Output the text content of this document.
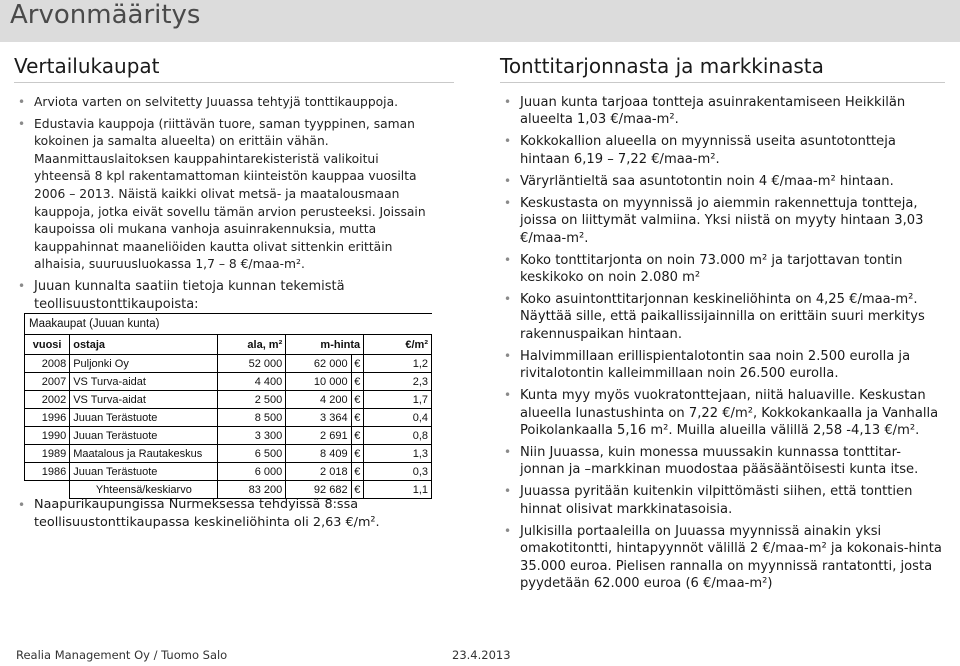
Arvonmääritys
Vertailukaupat	Tonttitarjonnasta ja markkinasta
• Arviota varten on selvitetty Juuassa tehtyjä tonttikauppoja.
• Edustavia kauppoja (riittävän tuore, saman tyyppinen, saman kokoinen ja samalta alueelta) on erittäin vähän. Maanmittauslaitoksen kauppahintarekisteristä valikoitui yhteensä 8 kpl rakentamattoman kiinteistön kauppaa vuosilta 2006 – 2013. Näistä kaikki olivat metsä- ja maatalousmaan kauppoja, jotka eivät sovellu tämän arvion perusteeksi. Joissain kaupoissa oli mukana vanhoja asuinrakennuksia, mutta kauppahinnat maaneliöiden kautta olivat sittenkin erittäin alhaisia, suuruusluokassa 1,7 – 8 €/maa-m².
• Juuan kunnalta saatiin tietoja kunnan tekemistä teollisuustonttikaupoista:
Maakaupat (Juuan kunta)
vuosi	ostaja	ala, m²	m-hinta		€/m²
2008	Puljonki Oy	52 000	62 000	€	1,2
2007	VS Turva-aidat	4 400	10 000	€	2,3
2002	VS Turva-aidat	2 500	4 200	€	1,7
1996	Juuan Terästuote	8 500	3 364	€	0,4
1990	Juuan Terästuote	3 300	2 691	€	0,8
1989	Maatalous ja Rautakeskus	6 500	8 409	€	1,3
1986	Juuan Terästuote	6 000	2 018	€	0,3
	Yhteensä/keskiarvo	83 200	92 682	€	1,1
• Naapurikaupungissa Nurmeksessa tehdyissä 8:ssa teollisuustonttikaupassa keskineliöhinta oli 2,63 €/m².
• Juuan kunta tarjoaa tontteja asuinrakentamiseen Heikkilän alueelta 1,03 €/maa-m².
• Kokkokallion alueella on myynnissä useita asuntotontteja hintaan 6,19 – 7,22 €/maa-m².
• Väryrläntieltä saa asuntotontin noin 4 €/maa-m² hintaan.
• Keskustasta on myynnissä jo aiemmin rakennettuja tontteja, joissa on liittymät valmiina. Yksi niistä on myyty hintaan 3,03 €/maa-m².
• Koko tonttitarjonta on noin 73.000 m² ja tarjottavan tontin keskikoko on noin 2.080 m²
• Koko asuintonttitarjonnan keskineliöhinta on 4,25 €/maa-m². Näyttää sille, että paikallissijainnilla on erittäin suuri merkitys rakennuspaikan hintaan.
• Halvimmillaan erillispientalotontin saa noin 2.500 eurolla ja rivitalotontin kalleimmillaan noin 26.500 eurolla.
• Kunta myy myös vuokratonttejaan, niitä haluaville. Keskustan alueella lunastushinta on 7,22 €/m², Kokkokankaalla ja Vanhalla Poikolankaalla 5,16 m². Muilla alueilla välillä 2,58 -4,13 €/m².
• Niin Juuassa, kuin monessa muussakin kunnassa tonttitar-jonnan ja –markkinan muodostaa pääsääntöisesti kunta itse.
• Juuassa pyritään kuitenkin vilpittömästi siihen, että tonttien hinnat olisivat markkinatasoisia.
• Julkisilla portaaleilla on Juuassa myynnissä ainakin yksi omakotitontti, hintapyynnöt välillä 2 €/maa-m² ja kokonais-hinta 35.000 euroa. Pielisen rannalla on myynnissä rantatontti, josta pyydetään 62.000 euroa (6 €/maa-m²)
Realia Management Oy / Tuomo Salo	23.4.2013
